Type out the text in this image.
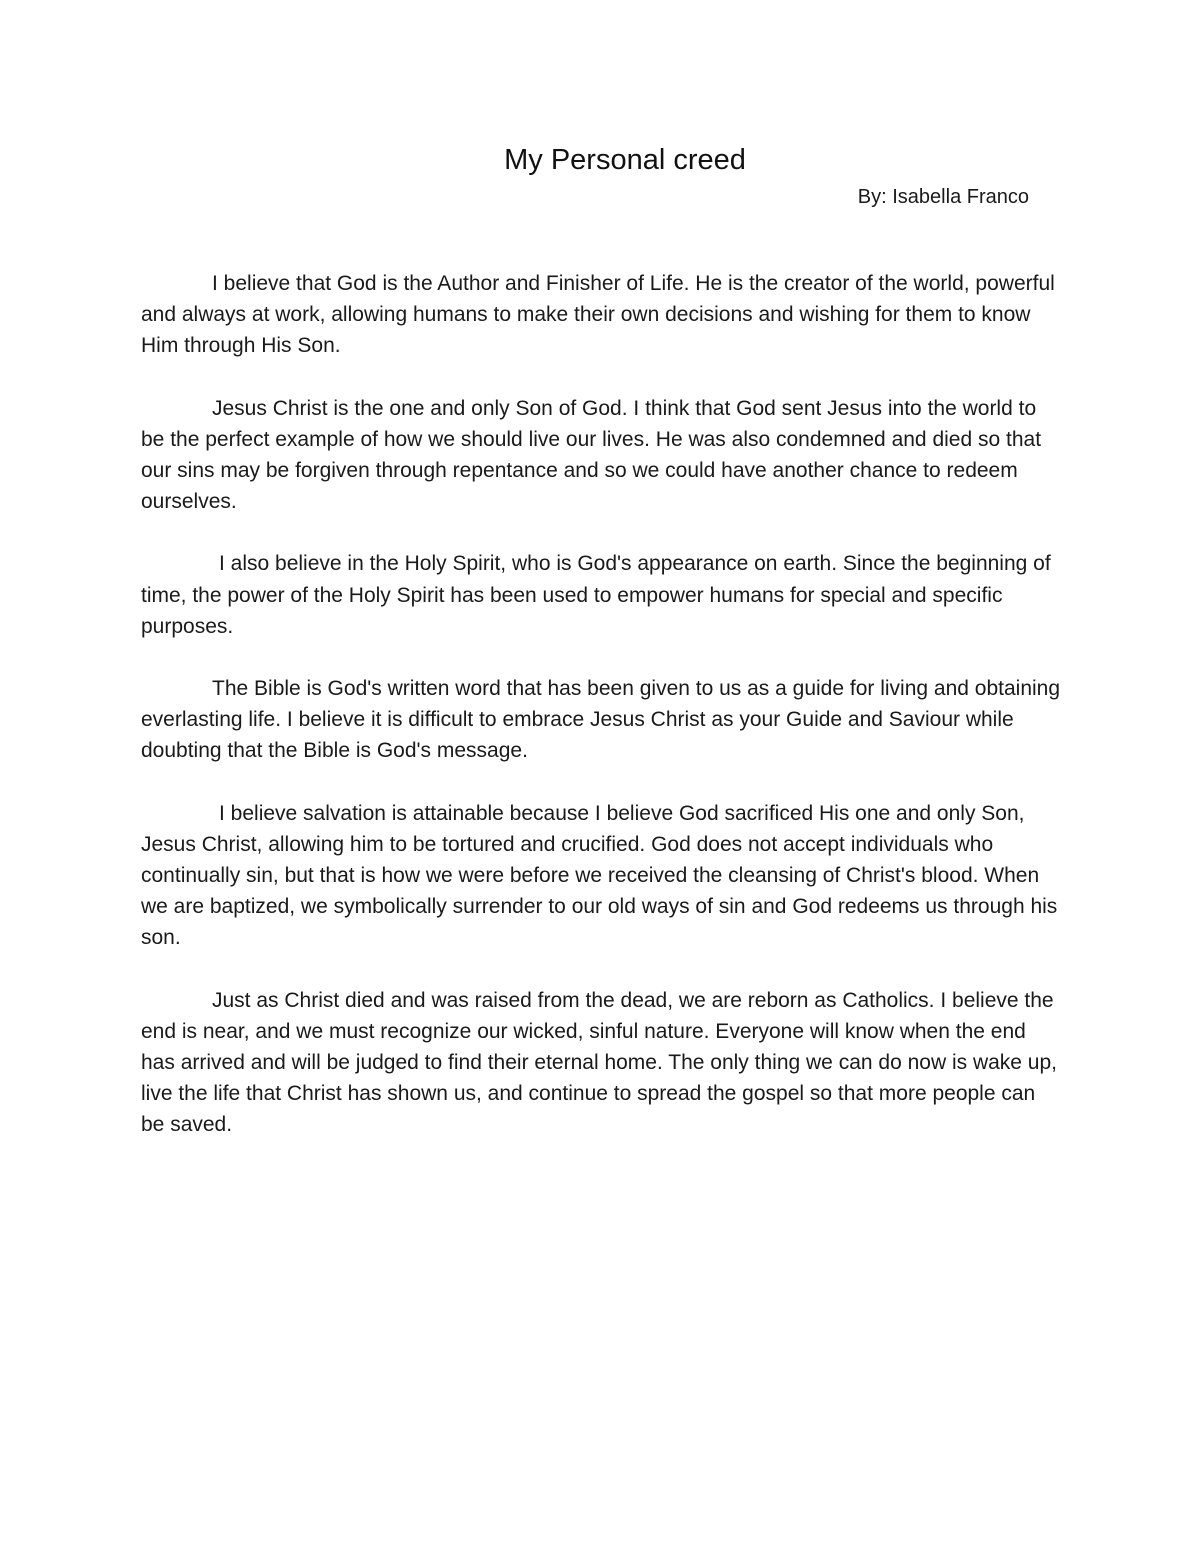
My Personal creed

By: Isabella Franco

I believe that God is the Author and Finisher of Life. He is the creator of the world, powerful and always at work, allowing humans to make their own decisions and wishing for them to know Him through His Son.

Jesus Christ is the one and only Son of God. I think that God sent Jesus into the world to be the perfect example of how we should live our lives. He was also condemned and died so that our sins may be forgiven through repentance and so we could have another chance to redeem ourselves.

I also believe in the Holy Spirit, who is God's appearance on earth. Since the beginning of time, the power of the Holy Spirit has been used to empower humans for special and specific purposes.

The Bible is God's written word that has been given to us as a guide for living and obtaining everlasting life. I believe it is difficult to embrace Jesus Christ as your Guide and Saviour while doubting that the Bible is God's message.

I believe salvation is attainable because I believe God sacrificed His one and only Son, Jesus Christ, allowing him to be tortured and crucified. God does not accept individuals who continually sin, but that is how we were before we received the cleansing of Christ's blood. When we are baptized, we symbolically surrender to our old ways of sin and God redeems us through his son.

Just as Christ died and was raised from the dead, we are reborn as Catholics. I believe the end is near, and we must recognize our wicked, sinful nature. Everyone will know when the end has arrived and will be judged to find their eternal home. The only thing we can do now is wake up, live the life that Christ has shown us, and continue to spread the gospel so that more people can be saved.
